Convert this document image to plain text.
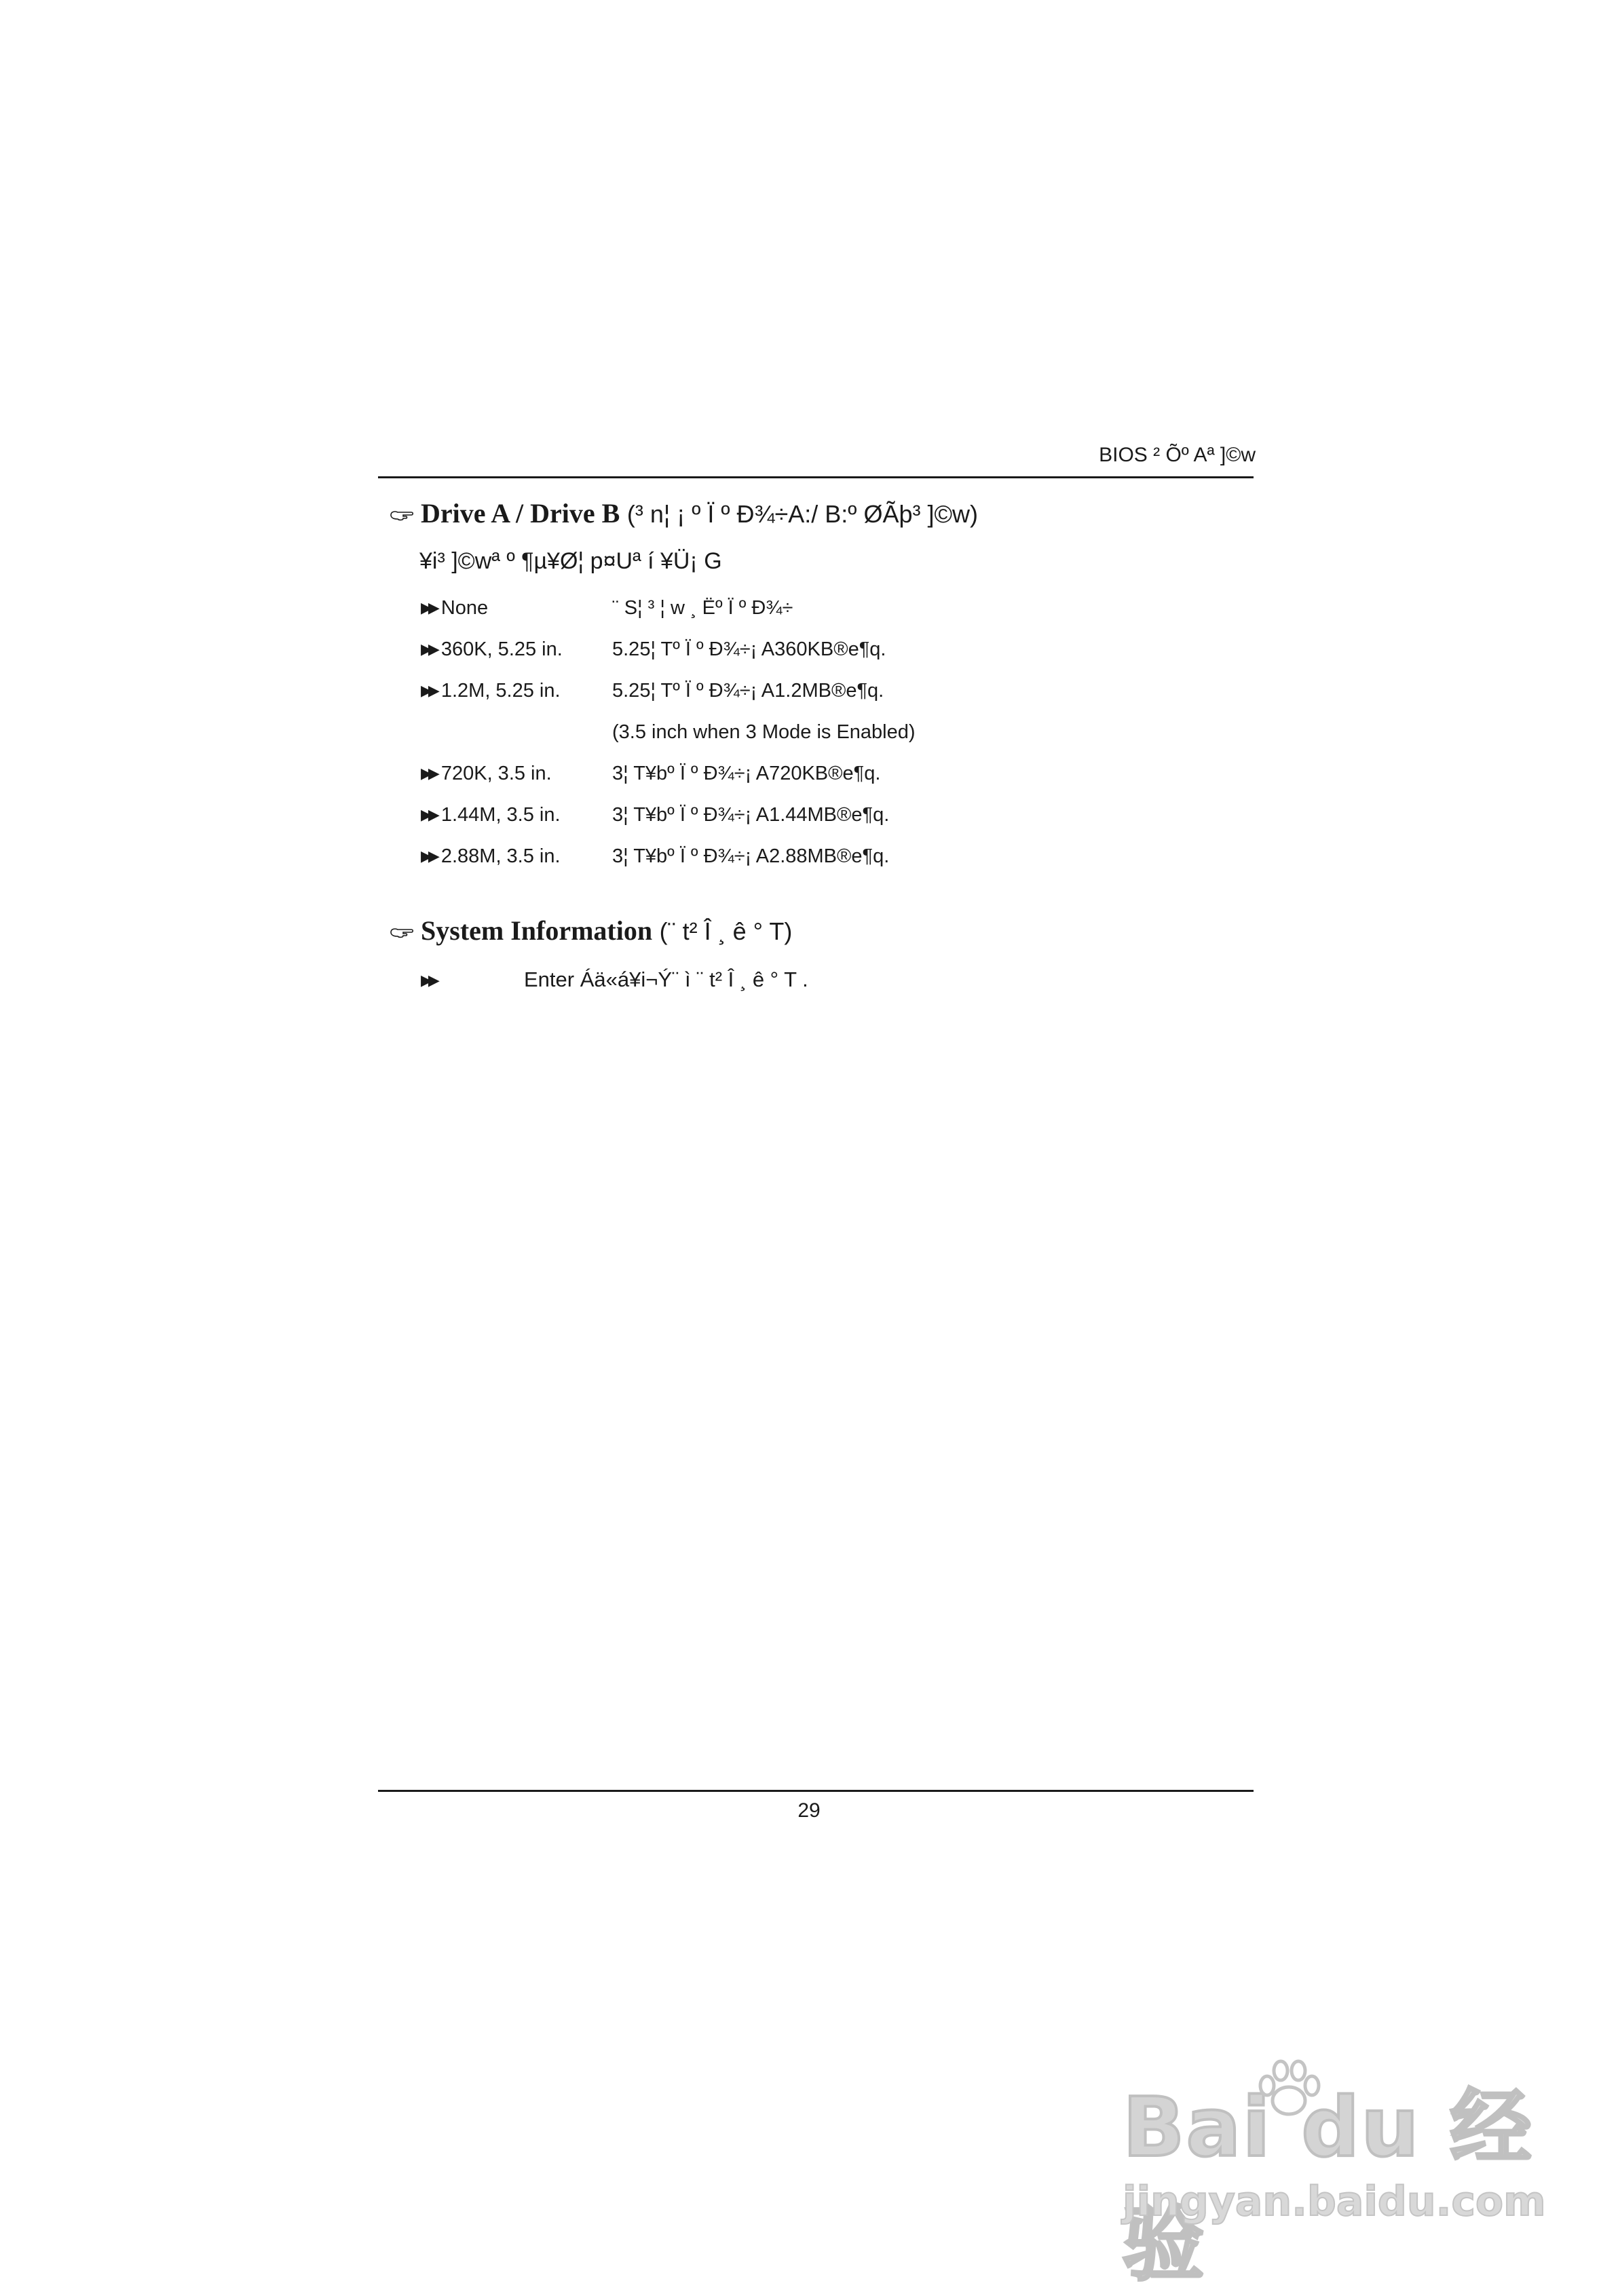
BIOS ² Õº Aª ]©w
Drive A / Drive B (³ n¦ ¡ º Ï º Ð¾÷A:/ B:º ØÃþ³ ]©w)
¥i³ ]©wª º ¶µ¥Ø¦ p¤Uª í ¥Ü¡ G
▶▶ None	¨ S¦ ³ ¦ w ¸ Ëº Ï º Ð¾÷
▶▶ 360K, 5.25 in.	5.25¦ Tº Ï º Ð¾÷¡ A360KB®e¶q.
▶▶ 1.2M, 5.25 in.	5.25¦ Tº Ï º Ð¾÷¡ A1.2MB®e¶q.
(3.5 inch when 3 Mode is Enabled)
▶▶ 720K, 3.5 in.	3¦ T¥bº Ï º Ð¾÷¡ A720KB®e¶q.
▶▶ 1.44M, 3.5 in.	3¦ T¥bº Ï º Ð¾÷¡ A1.44MB®e¶q.
▶▶ 2.88M, 3.5 in.	3¦ T¥bº Ï º Ð¾÷¡ A2.88MB®e¶q.
System Information (¨ t² Î ¸ ê ° T)
▶▶	Enter Áä«á¥i¬Ý¨ ì ¨ t² Î ¸ ê ° T .
29
Bai du 经验
jingyan.baidu.com
